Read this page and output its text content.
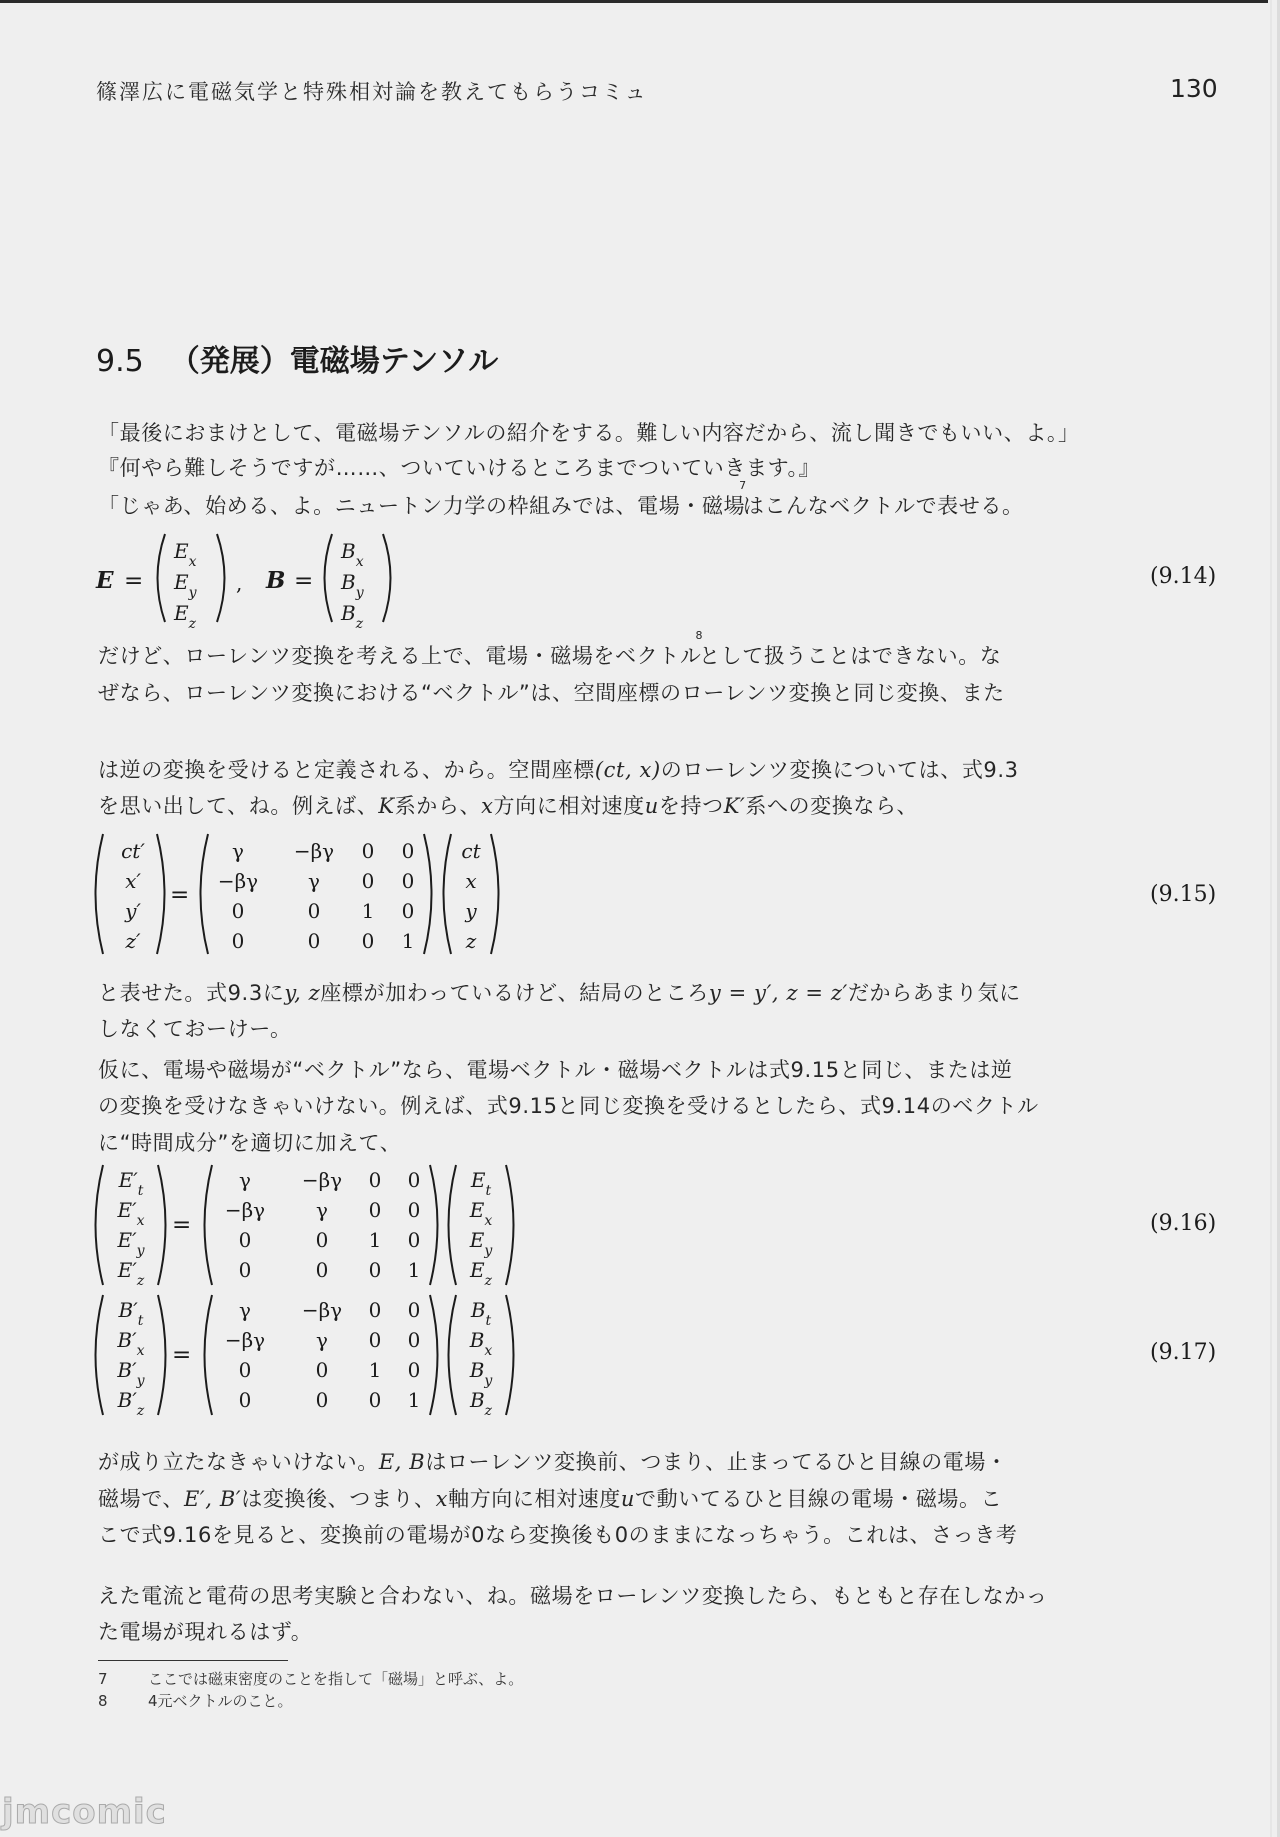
篠澤広に電磁気学と特殊相対論を教えてもらうコミュ	130
9.5 （発展）電磁場テンソル
「最後におまけとして、電磁場テンソルの紹介をする。難しい内容だから、流し聞きでもいい、よ。」
『何やら難しそうですが……、ついていけるところまでついていきます。』
「じゃあ、始める、よ。ニュートン力学の枠組みでは、電場・磁場$^7$はこんなベクトルで表せる。
E =
$E_x$
$E_y$
$E_z$
, B =
$B_x$
$B_y$
$B_z$
(9.14)
だけど、ローレンツ変換を考える上で、電場・磁場をベクトル$^8$として扱うことはできない。な
ぜなら、ローレンツ変換における“ベクトル”は、空間座標のローレンツ変換と同じ変換、また
は逆の変換を受けると定義される、から。空間座標(ct, x)のローレンツ変換については、式9.3
を思い出して、ね。例えば、K系から、x方向に相対速度uを持つK′系への変換なら、
ct′
x′
y′
z′
=
γ −βγ 0 0
−βγ γ 0 0
0	0 1 0
0	0 0 1
ct
x
y
z
(9.15)
と表せた。式9.3にy, z座標が加わっているけど、結局のところy = y′, z = z′だからあまり気に
しなくておーけー。
仮に、電場や磁場が“ベクトル”なら、電場ベクトル・磁場ベクトルは式9.15と同じ、または逆
の変換を受けなきゃいけない。例えば、式9.15と同じ変換を受けるとしたら、式9.14のベクトル
に“時間成分”を適切に加えて、
$E'_t$
$E'_x$
$E'_y$
$E'_z$
=
γ	−βγ 0 0
−βγ	γ 0 0
0	0 1 0
0	0 0 1
$E_t$
$E_x$
$E_y$
$E_z$
(9.16)
$B'_t$
$B'_x$
$B'_y$
$B'_z$
=
γ	−βγ 0 0
−βγ	γ 0 0
0	0 1 0
0	0 0 1
$B_t$
$B_x$
$B_y$
$B_z$
(9.17)
が成り立たなきゃいけない。E, Bはローレンツ変換前、つまり、止まってるひと目線の電場・
磁場で、E′, B′は変換後、つまり、x軸方向に相対速度uで動いてるひと目線の電場・磁場。こ
こで式9.16を見ると、変換前の電場が0なら変換後も0のままになっちゃう。これは、さっき考
えた電流と電荷の思考実験と合わない、ね。磁場をローレンツ変換したら、もともと存在しなかっ
た電場が現れるはず。
7	ここでは磁束密度のことを指して「磁場」と呼ぶ、よ。
8	4元ベクトルのこと。
jmcomic
